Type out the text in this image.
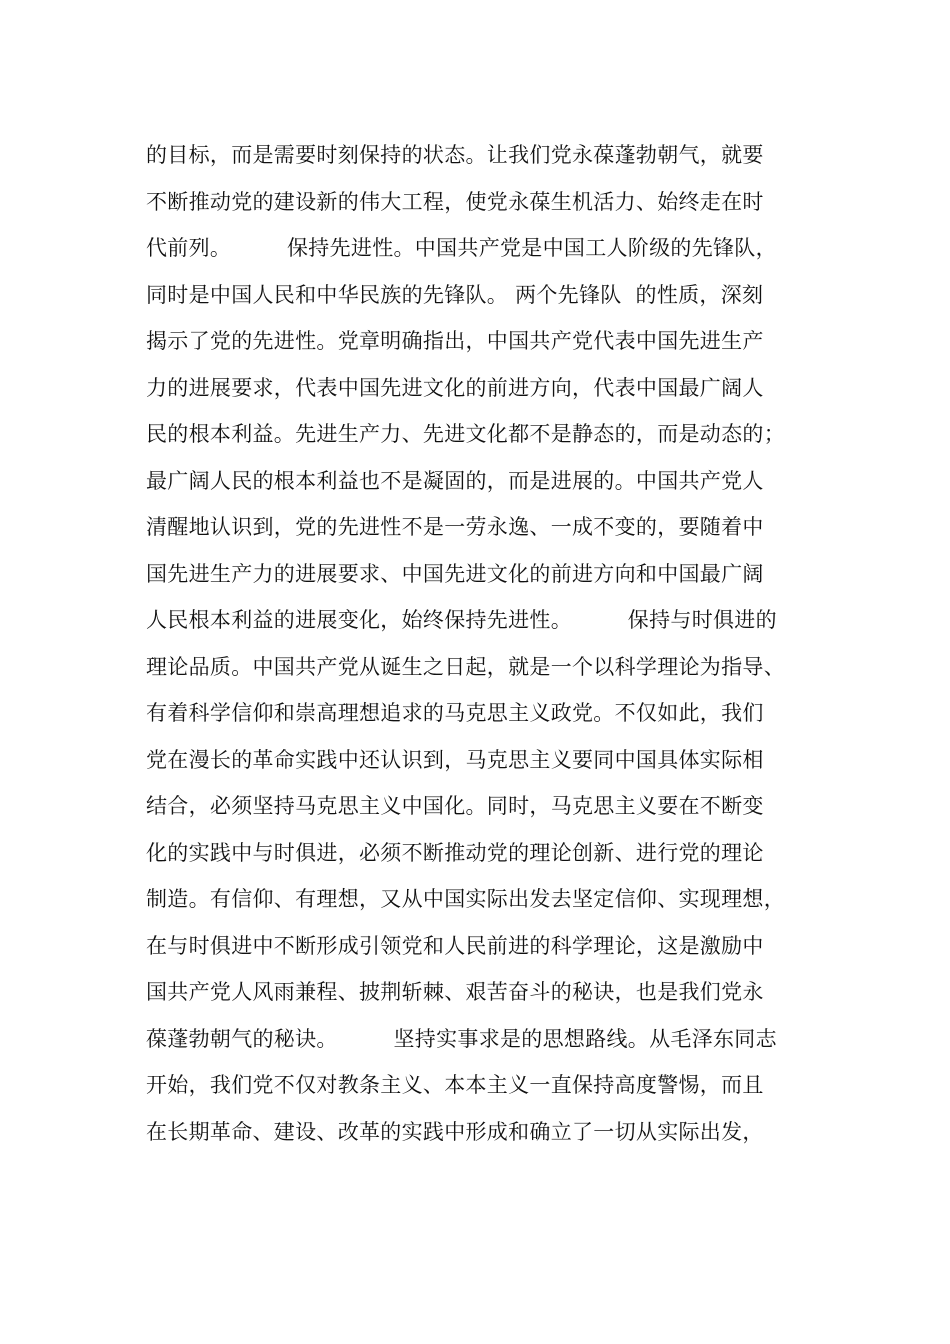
的目标，而是需要时刻保持的状态。让我们党永葆蓬勃朝气，就要
不断推动党的建设新的伟大工程，使党永葆生机活力、始终走在时
代前列。        保持先进性。中国共产党是中国工人阶级的先锋队，
同时是中国人民和中华民族的先锋队。 两个先锋队  的性质，深刻
揭示了党的先进性。党章明确指出，中国共产党代表中国先进生产
力的进展要求，代表中国先进文化的前进方向，代表中国最广阔人
民的根本利益。先进生产力、先进文化都不是静态的，而是动态的；
最广阔人民的根本利益也不是凝固的，而是进展的。中国共产党人
清醒地认识到，党的先进性不是一劳永逸、一成不变的，要随着中
国先进生产力的进展要求、中国先进文化的前进方向和中国最广阔
人民根本利益的进展变化，始终保持先进性。        保持与时俱进的
理论品质。中国共产党从诞生之日起，就是一个以科学理论为指导、
有着科学信仰和崇高理想追求的马克思主义政党。不仅如此，我们
党在漫长的革命实践中还认识到，马克思主义要同中国具体实际相
结合，必须坚持马克思主义中国化。同时，马克思主义要在不断变
化的实践中与时俱进，必须不断推动党的理论创新、进行党的理论
制造。有信仰、有理想，又从中国实际出发去坚定信仰、实现理想，
在与时俱进中不断形成引领党和人民前进的科学理论，这是激励中
国共产党人风雨兼程、披荆斩棘、艰苦奋斗的秘诀，也是我们党永
葆蓬勃朝气的秘诀。        坚持实事求是的思想路线。从毛泽东同志
开始，我们党不仅对教条主义、本本主义一直保持高度警惕，而且
在长期革命、建设、改革的实践中形成和确立了一切从实际出发，
